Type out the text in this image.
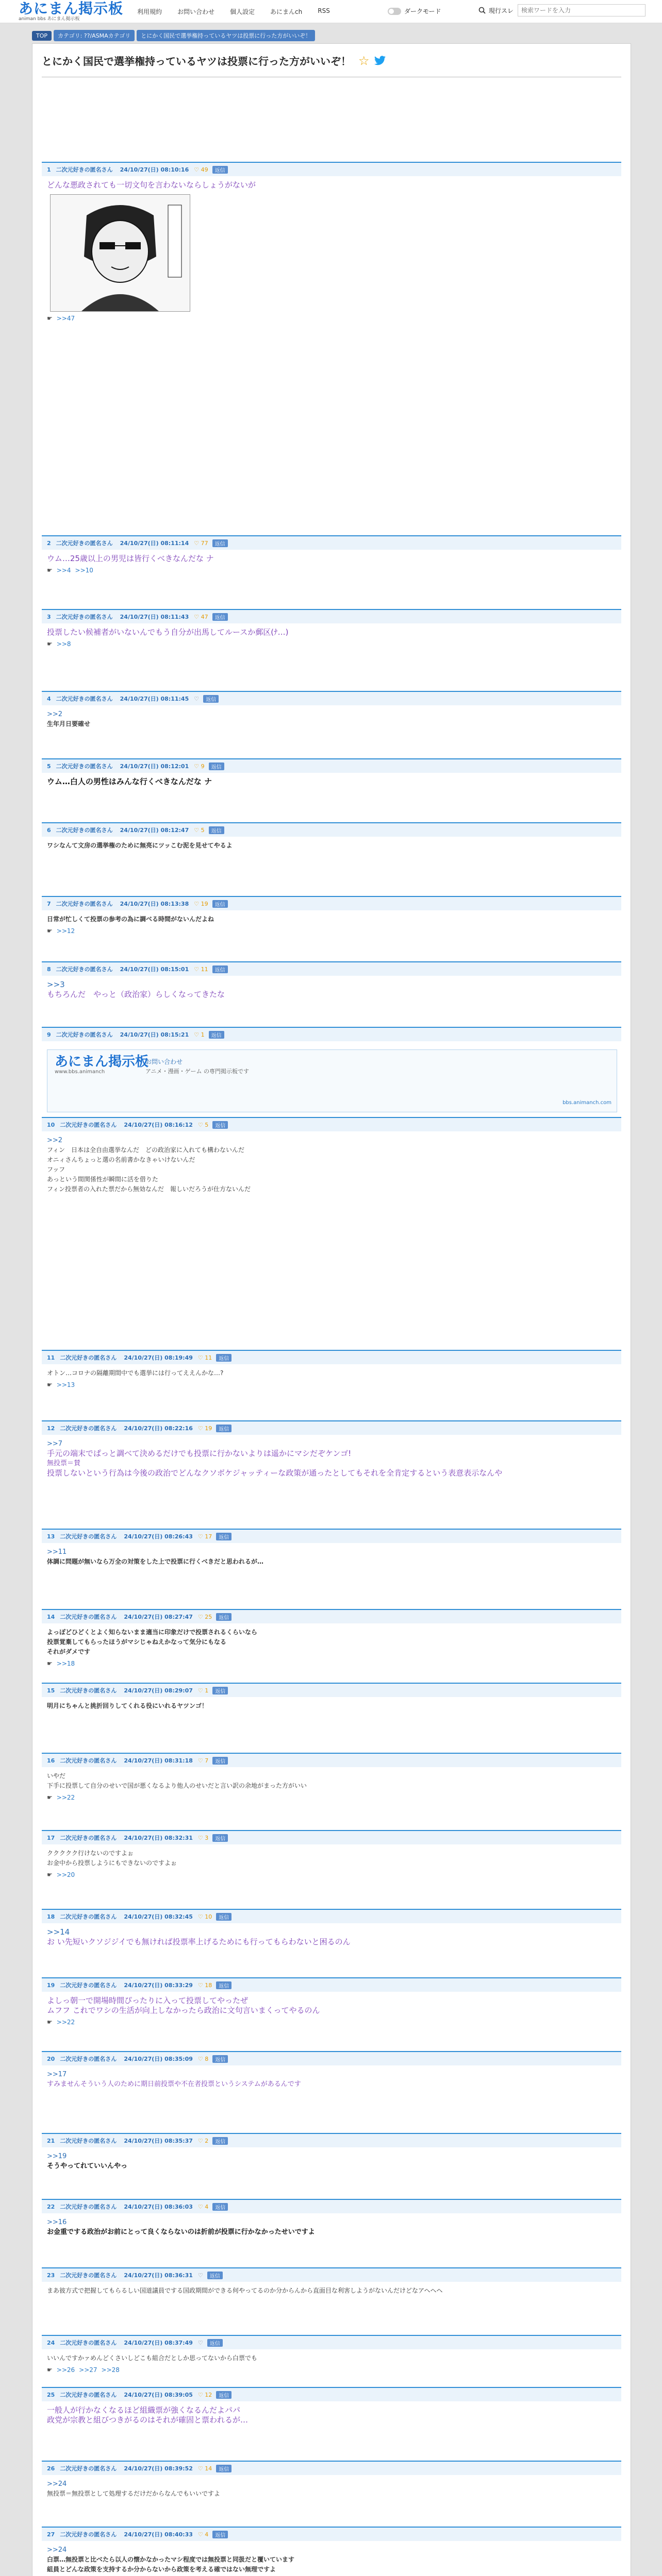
あにまん掲示板
animan bbs あにまん掲示板
利用規約	お問い合わせ	個人設定	あにまんch	RSS	ダークモード	現行スレ
検索ワードを入力
TOP	カテゴリ: ??/ASMAカテゴリ	とにかく国民で選挙権持っているヤツは投票に行った方がいいぞ！
とにかく国民で選挙権持っているヤツは投票に行った方がいいぞ！ ☆
1 二次元好きの匿名さん 24/10/27(日) 08:10:16 ♡ 49	返信
どんな悪政されても一切文句を言わないならしょうがないが
☛ >>47
2 二次元好きの匿名さん 24/10/27(日) 08:11:14 ♡ 77	返信
ウム…25歳以上の男児は皆行くべきなんだな ナ
☛ >>4 >>10
3 二次元好きの匿名さん 24/10/27(日) 08:11:43 ♡ 47	返信
投票したい候補者がいないんでもう自分が出馬してルースか郵区(ﾅ…)
☛ >>8
4 二次元好きの匿名さん 24/10/27(日) 08:11:45 ♡	返信
>>2
生年月日要確せ
5 二次元好きの匿名さん 24/10/27(日) 08:12:01 ♡ 9	返信
ウム…白人の男性はみんな行くべきなんだな ナ
6 二次元好きの匿名さん 24/10/27(日) 08:12:47 ♡ 5	返信
ワシなんて文房の選挙権のために無亮にツッこむ泥を見せてやるよ
7 二次元好きの匿名さん 24/10/27(日) 08:13:38 ♡ 19	返信
日常が忙しくて投票の参考の為に調べる時間がないんだよね
☛ >>12
8 二次元好きの匿名さん 24/10/27(日) 08:15:01 ♡ 11	返信
>>3
もちろんだ　やっと（政治家）らしくなってきたな
9 二次元好きの匿名さん 24/10/27(日) 08:15:21 ♡ 1	返信
あにまん掲示板
www.bbs.animanch
お問い合わせ
アニメ・漫画・ゲーム の専門掲示板です
bbs.animanch.com
10 二次元好きの匿名さん 24/10/27(日) 08:16:12 ♡ 5	返信
>>2
フィン　日本は全自由選挙なんだ　どの政治家に入れても構わないんだ
オニィさんちょっと選の名前書かなきゃいけないんだ
フッフ
あっという間関係性が瞬間に活を借りた
フィン投票者の入れた票だから無効なんだ　報しいだろうが仕方ないんだ
11 二次元好きの匿名さん 24/10/27(日) 08:19:49 ♡ 11	返信
オトン…コロナの隔離期間中でも選挙には行ってええんかな…?
☛ >>13
12 二次元好きの匿名さん 24/10/27(日) 08:22:16 ♡ 19	返信
>>7
手元の端末でぱっと調べて決めるだけでも投票に行かないよりは遥かにマシだぞケンゴ!
無投票＝賛
投票しないという行為は今後の政治でどんなクソボケジャッティーな政策が通ったとしてもそれを全肯定するという表意表示なんや
13 二次元好きの匿名さん 24/10/27(日) 08:26:43 ♡ 17	返信
>>11
体調に問題が無いなら万全の対策をした上で投票に行くべきだと思われるが…
14 二次元好きの匿名さん 24/10/27(日) 08:27:47 ♡ 25	返信
よっぽどひどくとよく知らないまま適当に印象だけで投票されるくらいなら
投票覚棄してもらったほうがマシじゃねえかなって気分にもなる
それがダメです
☛ >>18
15 二次元好きの匿名さん 24/10/27(日) 08:29:07 ♡ 1	返信
明月にちゃんと挑折回りしてくれる役にいれるヤツンゴ！
16 二次元好きの匿名さん 24/10/27(日) 08:31:18 ♡ 7	返信
いやだ
下手に投票して自分のせいで国が悪くなるより他人のせいだと言い訳の余地がまった方がいい
☛ >>22
17 二次元好きの匿名さん 24/10/27(日) 08:32:31 ♡ 3	返信
ククククク行けないのですよぉ
お金中から投票しようにもできないのですよぉ
☛ >>20
18 二次元好きの匿名さん 24/10/27(日) 08:32:45 ♡ 10	返信
>>14
お い先短いクソジジイでも無ければ投票率上げるためにも行ってもらわないと困るのん
19 二次元好きの匿名さん 24/10/27(日) 08:33:29 ♡ 18	返信
よしっ朝一で開場時間ぴったりに入って投票してやったぜ
ムフフ これでワシの生活が向上しなかったら政治に文句言いまくってやるのん
☛ >>22
20 二次元好きの匿名さん 24/10/27(日) 08:35:09 ♡ 8	返信
>>17
すみませんそういう人のために期日前投票や不在者投票というシステムがあるんです
21 二次元好きの匿名さん 24/10/27(日) 08:35:37 ♡ 2	返信
>>19
そうやってれていいんやっ
22 二次元好きの匿名さん 24/10/27(日) 08:36:03 ♡ 4	返信
>>16
お金重でする政治がお前にとって良くならないのは折前が投票に行かなかったせいですよ
23 二次元好きの匿名さん 24/10/27(日) 08:36:31 ♡	返信
まあ彼方式で把握してもらるしい国道議員でする国政期間ができる何やってるのか分からんから直面目な利害しようがないんだけどなアヘヘヘ
24 二次元好きの匿名さん 24/10/27(日) 08:37:49 ♡	返信
いいんですかァめんどくさいしどこも組合だとしか思ってないから白票でも
☛ >>26 >>27 >>28
25 二次元好きの匿名さん 24/10/27(日) 08:39:05 ♡ 12	返信
一般人が行かなくなるほど組織票が強くなるんだよパパ
政党が宗教と組びつきがるのはそれが確固と票われるが…
26 二次元好きの匿名さん 24/10/27(日) 08:39:52 ♡ 14	返信
>>24
無投票＝無投票として処理するだけだからなんでもいいですよ
27 二次元好きの匿名さん 24/10/27(日) 08:40:33 ♡ 4	返信
>>24
白票…無投票と比べたら以人の懐かなかったマシ程度では無投票と同扱だと覆いています
組員とどんな政策を支持するか分からないから政策を考える確ではない無理ですよ
